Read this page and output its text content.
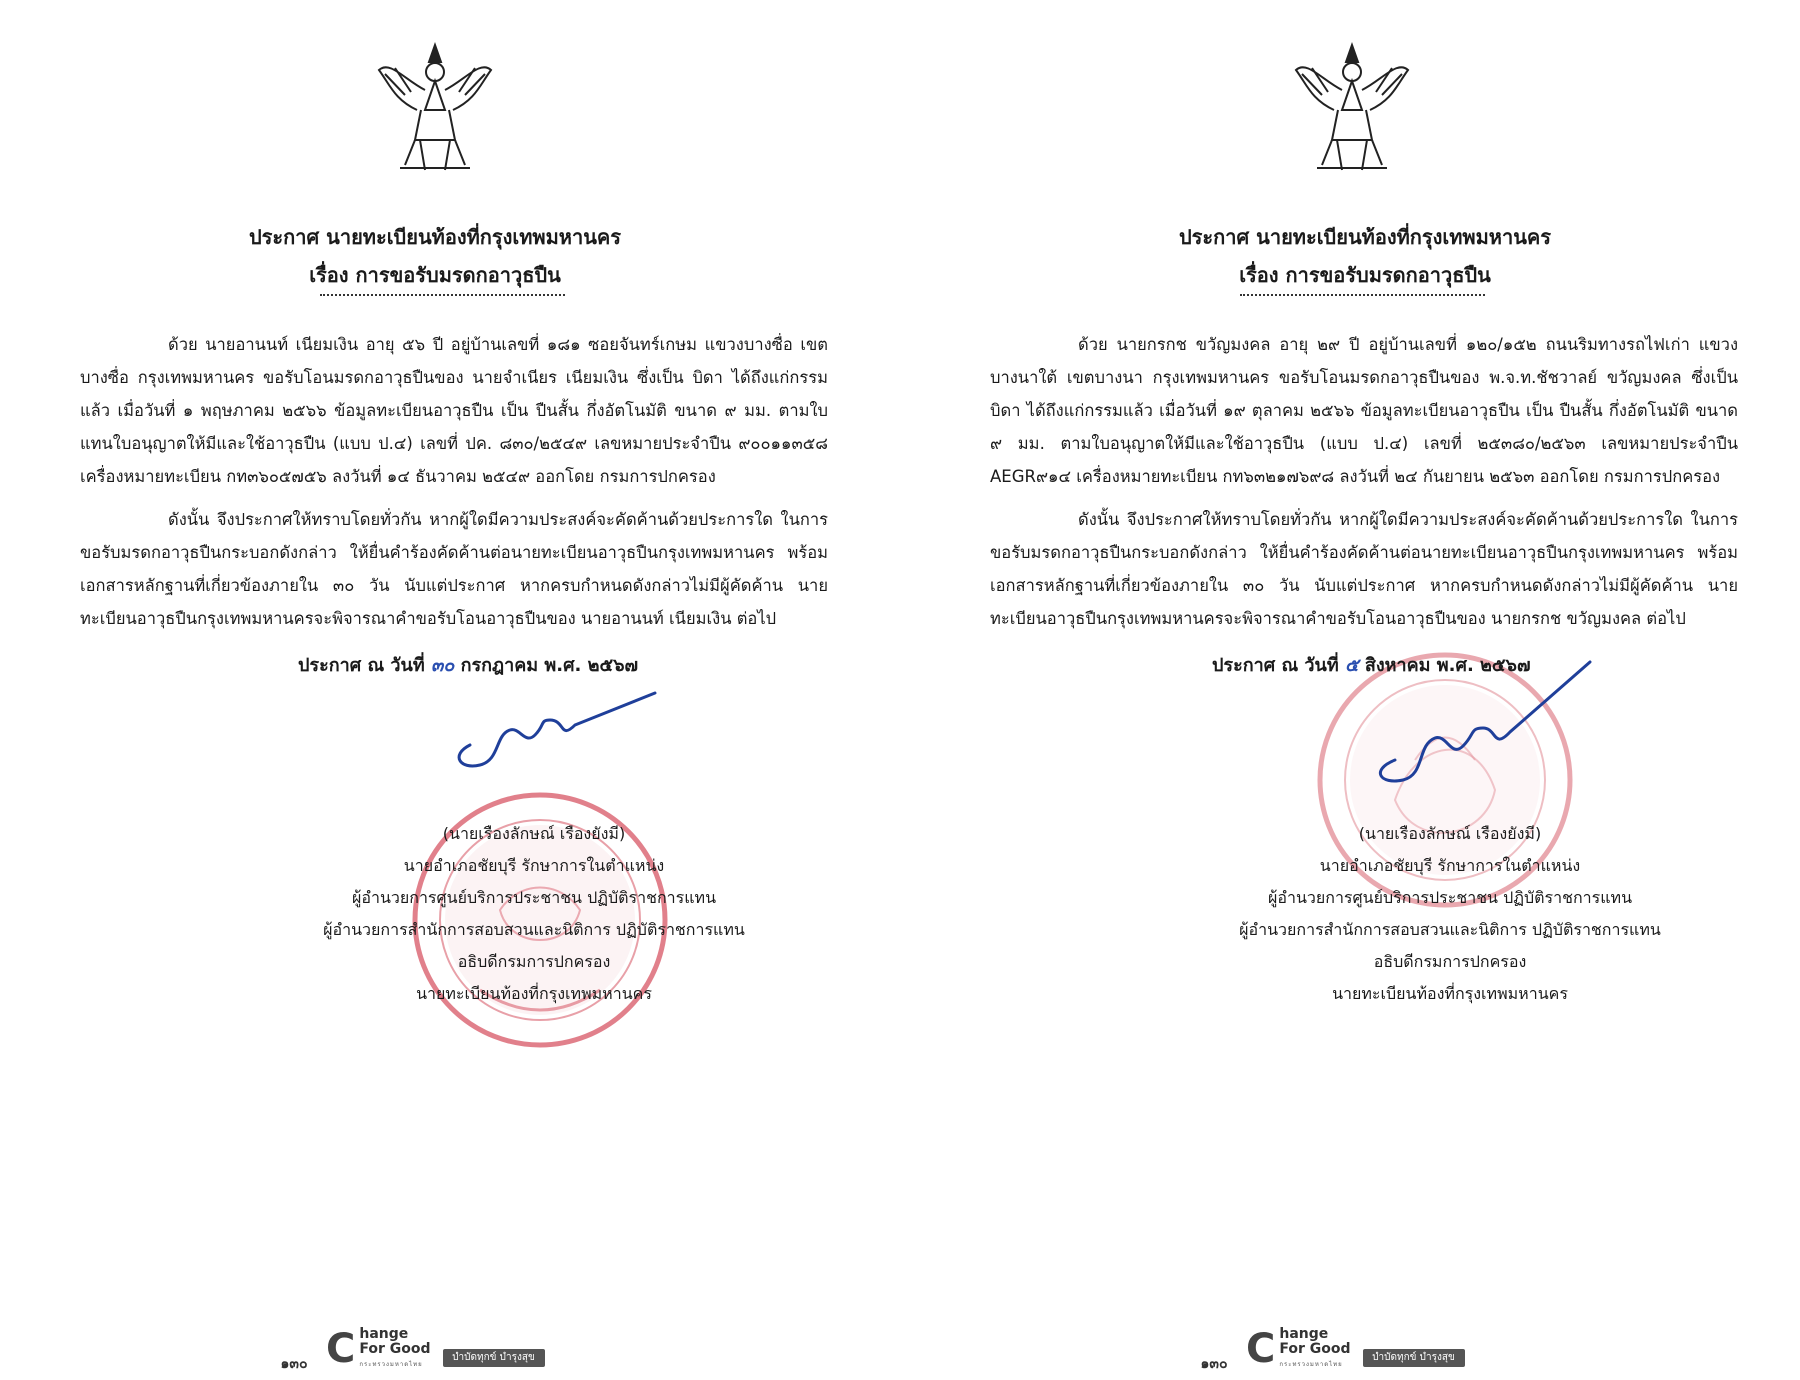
ประกาศ นายทะเบียนท้องที่กรุงเทพมหานคร
เรื่อง การขอรับมรดกอาวุธปืน

ด้วย นายอานนท์ เนียมเงิน อายุ ๕๖ ปี อยู่บ้านเลขที่ ๑๘๑ ซอยจันทร์เกษม แขวงบางซื่อ เขตบางซื่อ กรุงเทพมหานคร ขอรับโอนมรดกอาวุธปืนของ นายจำเนียร เนียมเงิน ซึ่งเป็น บิดา ได้ถึงแก่กรรมแล้ว เมื่อวันที่ ๑ พฤษภาคม ๒๕๖๖ ข้อมูลทะเบียนอาวุธปืน เป็น ปืนสั้น กึ่งอัตโนมัติ ขนาด ๙ มม. ตามใบแทนใบอนุญาตให้มีและใช้อาวุธปืน (แบบ ป.๔) เลขที่ ปค. ๘๓๐/๒๕๔๙ เลขหมายประจำปืน ๙๐๐๑๑๓๕๘ เครื่องหมายทะเบียน กท๓๖๐๕๗๕๖ ลงวันที่ ๑๔ ธันวาคม ๒๕๔๙ ออกโดย กรมการปกครอง

ดังนั้น จึงประกาศให้ทราบโดยทั่วกัน หากผู้ใดมีความประสงค์จะคัดค้านด้วยประการใด ในการขอรับมรดกอาวุธปืนกระบอกดังกล่าว ให้ยื่นคำร้องคัดค้านต่อนายทะเบียนอาวุธปืนกรุงเทพมหานคร พร้อมเอกสารหลักฐานที่เกี่ยวข้องภายใน ๓๐ วัน นับแต่ประกาศ หากครบกำหนดดังกล่าวไม่มีผู้คัดค้าน นายทะเบียนอาวุธปืนกรุงเทพมหานครจะพิจารณาคำขอรับโอนอาวุธปืนของ นายอานนท์ เนียมเงิน ต่อไป

ประกาศ ณ วันที่ ๓๐ กรกฎาคม พ.ศ. ๒๕๖๗
(นายเรืองลักษณ์ เรืองยังมี)
นายอำเภอชัยบุรี รักษาการในตำแหน่ง
ผู้อำนวยการศูนย์บริการประชาชน ปฏิบัติราชการแทน
ผู้อำนวยการสำนักการสอบสวนและนิติการ ปฏิบัติราชการแทน
อธิบดีกรมการปกครอง
นายทะเบียนท้องที่กรุงเทพมหานคร
๑๓๐ C hange
For Good
กระทรวงมหาดไทย
บำบัดทุกข์ บำรุงสุข
ประกาศ นายทะเบียนท้องที่กรุงเทพมหานคร
เรื่อง การขอรับมรดกอาวุธปืน

ด้วย นายกรกช ขวัญมงคล อายุ ๒๙ ปี อยู่บ้านเลขที่ ๑๒๐/๑๕๒ ถนนริมทางรถไฟเก่า แขวงบางนาใต้ เขตบางนา กรุงเทพมหานคร ขอรับโอนมรดกอาวุธปืนของ พ.จ.ท.ชัชวาลย์ ขวัญมงคล ซึ่งเป็น บิดา ได้ถึงแก่กรรมแล้ว เมื่อวันที่ ๑๙ ตุลาคม ๒๕๖๖ ข้อมูลทะเบียนอาวุธปืน เป็น ปืนสั้น กึ่งอัตโนมัติ ขนาด ๙ มม. ตามใบอนุญาตให้มีและใช้อาวุธปืน (แบบ ป.๔) เลขที่ ๒๕๓๘๐/๒๕๖๓ เลขหมายประจำปืน AEGR๙๑๔ เครื่องหมายทะเบียน กท๖๓๒๑๗๖๙๘ ลงวันที่ ๒๔ กันยายน ๒๕๖๓ ออกโดย กรมการปกครอง

ดังนั้น จึงประกาศให้ทราบโดยทั่วกัน หากผู้ใดมีความประสงค์จะคัดค้านด้วยประการใด ในการขอรับมรดกอาวุธปืนกระบอกดังกล่าว ให้ยื่นคำร้องคัดค้านต่อนายทะเบียนอาวุธปืนกรุงเทพมหานคร พร้อมเอกสารหลักฐานที่เกี่ยวข้องภายใน ๓๐ วัน นับแต่ประกาศ หากครบกำหนดดังกล่าวไม่มีผู้คัดค้าน นายทะเบียนอาวุธปืนกรุงเทพมหานครจะพิจารณาคำขอรับโอนอาวุธปืนของ นายกรกช ขวัญมงคล ต่อไป

ประกาศ ณ วันที่ ๕ สิงหาคม พ.ศ. ๒๕๖๗
(นายเรืองลักษณ์ เรืองยังมี)
นายอำเภอชัยบุรี รักษาการในตำแหน่ง
ผู้อำนวยการศูนย์บริการประชาชน ปฏิบัติราชการแทน
ผู้อำนวยการสำนักการสอบสวนและนิติการ ปฏิบัติราชการแทน
อธิบดีกรมการปกครอง
นายทะเบียนท้องที่กรุงเทพมหานคร
๑๓๐ C hange
For Good
กระทรวงมหาดไทย
บำบัดทุกข์ บำรุงสุข
